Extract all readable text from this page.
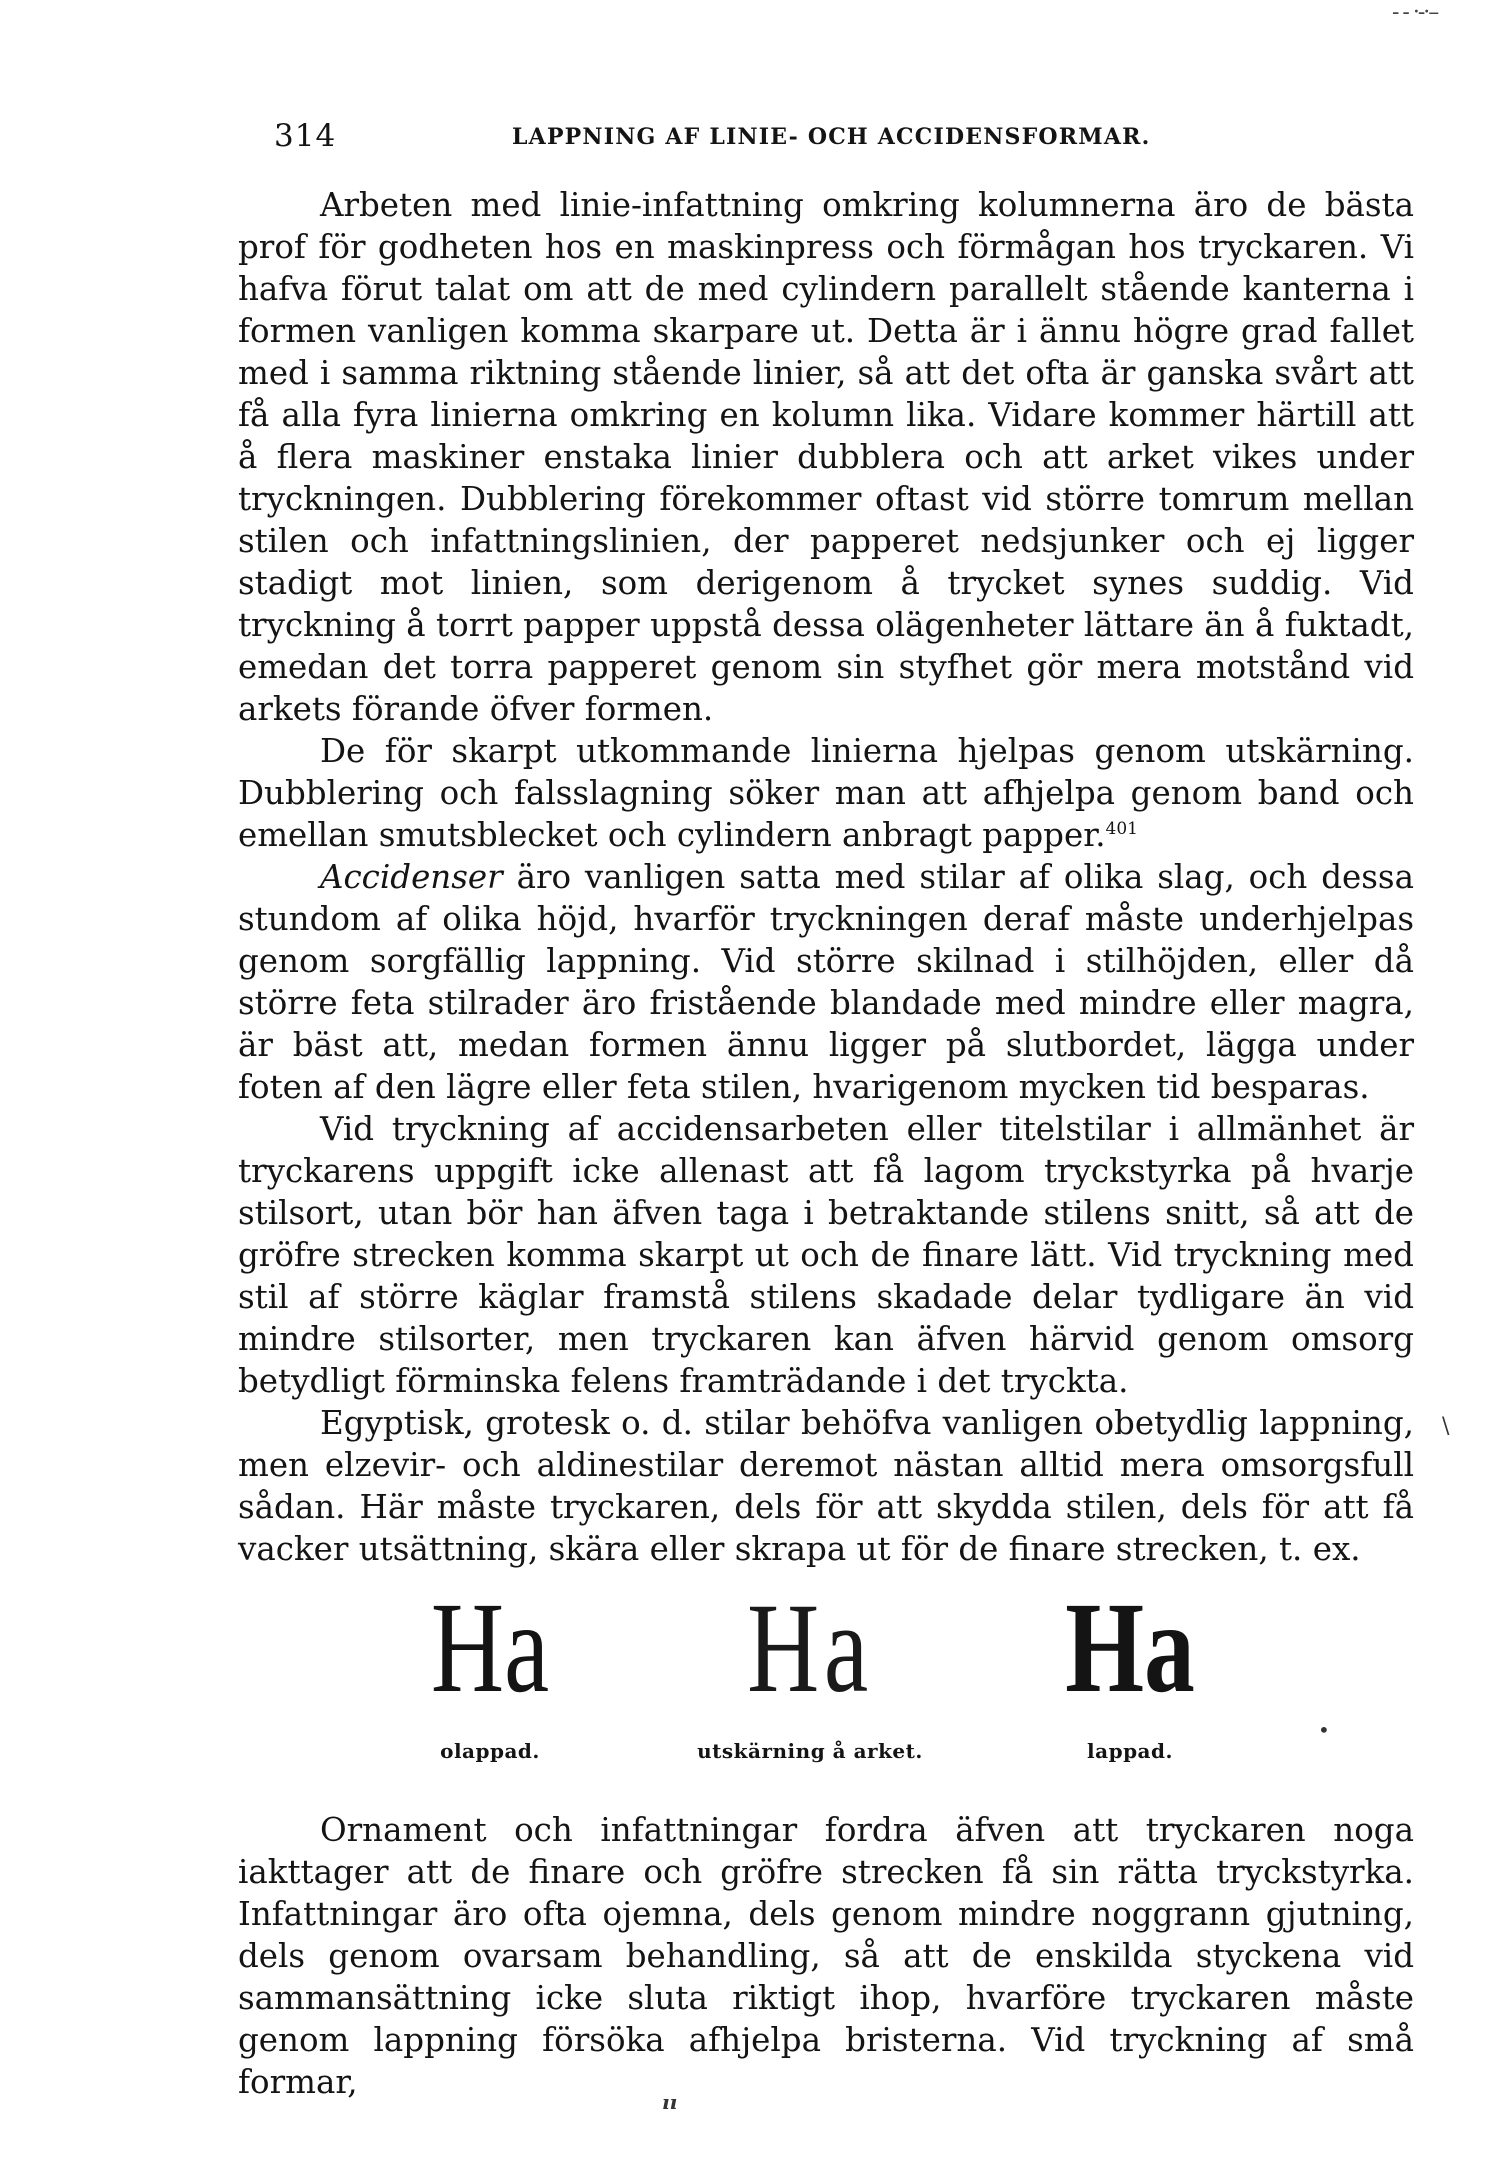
314	LAPPNING AF LINIE- OCH ACCIDENSFORMAR.

Arbeten med linie-infattning omkring kolumnerna äro de bästa prof för godheten hos en maskinpress och förmågan hos tryckaren. Vi hafva förut talat om att de med cylindern parallelt stående kanterna i formen vanligen komma skarpare ut. Detta är i ännu högre grad fallet med i samma riktning stående linier, så att det ofta är ganska svårt att få alla fyra linierna omkring en kolumn lika. Vidare kommer härtill att å flera maskiner enstaka linier dubblera och att arket vikes under tryckningen. Dubblering förekommer oftast vid större tomrum mellan stilen och infattningslinien, der papperet nedsjunker och ej ligger stadigt mot linien, som derigenom å trycket synes suddig. Vid tryckning å torrt papper uppstå dessa olägenheter lättare än å fuktadt, emedan det torra papperet genom sin styfhet gör mera motstånd vid arkets förande öfver formen.

De för skarpt utkommande linierna hjelpas genom utskärning. Dubblering och falsslagning söker man att afhjelpa genom band och emellan smutsblecket och cylindern anbragt papper.$^{401}$

Accidenser äro vanligen satta med stilar af olika slag, och dessa stundom af olika höjd, hvarför tryckningen deraf måste underhjelpas genom sorgfällig lappning. Vid större skilnad i stilhöjden, eller då större feta stilrader äro fristående blandade med mindre eller magra, är bäst att, medan formen ännu ligger på slutbordet, lägga under foten af den lägre eller feta stilen, hvarigenom mycken tid besparas.

Vid tryckning af accidensarbeten eller titelstilar i allmänhet är tryckarens uppgift icke allenast att få lagom tryckstyrka på hvarje stilsort, utan bör han äfven taga i betraktande stilens snitt, så att de gröfre strecken komma skarpt ut och de finare lätt. Vid tryckning med stil af större käglar framstå stilens skadade delar tydligare än vid mindre stilsorter, men tryckaren kan äfven härvid genom omsorg betydligt förminska felens framträdande i det tryckta.

Egyptisk, grotesk o. d. stilar behöfva vanligen obetydlig lappning, men elzevir- och aldinestilar deremot nästan alltid mera omsorgsfull sådan. Här måste tryckaren, dels för att skydda stilen, dels för att få vacker utsättning, skära eller skrapa ut för de finare strecken, t. ex.

Ha
olappad.
Ha
utskärning å arket.
Ha
lappad.

Ornament och infattningar fordra äfven att tryckaren noga iakttager att de finare och gröfre strecken få sin rätta tryckstyrka. Infattningar äro ofta ojemna, dels genom mindre noggrann gjutning, dels genom ovarsam behandling, så att de enskilda styckena vid sammansättning icke sluta riktigt ihop, hvarföre tryckaren måste genom lappning försöka afhjelpa bristerna. Vid tryckning af små formar,

- - ·-·–
\
•
ıı
